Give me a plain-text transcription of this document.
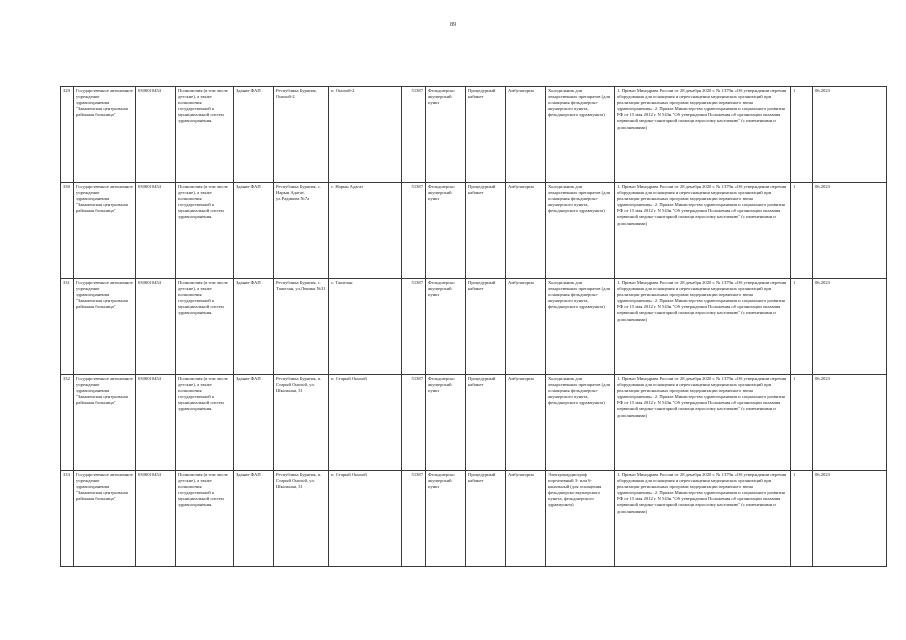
89
329	Государственное автономное учреждение здравоохранения "Закаменская центральная районная больница"	0306010454	Полномочия (в том числе детские), а также полномочия государственной к муниципальной систем здравоохранения.	Здание ФАП	Республика Бурятия, Онохой-2	п. Онохой-2	51387	Фельдшерско акушерский пункт	Процедурный кабинет	Амбулаторно	Холодильник для лекарственных препаратов (для оснащения фельдшерско-акушерского пункта, фельдшерского здравпункта)	1. Приказ Минздрава России от 28 декабря 2020 г. № 1379н «Об утверждении перечня оборудования для оснащения и переоснащения медицинских организаций при реализации региональных программ модернизации первичного звена здравоохранения». 2. Приказ Министерства здравоохранения и социального развития РФ от 15 мая 2012 г. N 543н "Об утверждении Положения об организации оказания первичной медико-санитарной помощи взрослому населению" (с изменениями и дополнениями)	1	06.2023
330	Государственное автономное учреждение здравоохранения "Закаменская центральная районная больница"	0306010454	Полномочия (в том числе детские), а также полномочия государственной к муниципальной систем здравоохранения.	Здание ФАП	Республика Бурятия, с. Нарын Адагат, ул.Радикова №7а	с. Нарын Адагат	51387	Фельдшерско акушерский пункт	Процедурный кабинет	Амбулаторно	Холодильник для лекарственных препаратов (для оснащения фельдшерско-акушерского пункта, фельдшерского здравпункта)	1. Приказ Минздрава России от 28 декабря 2020 г. № 1379н «Об утверждении перечня оборудования для оснащения и переоснащения медицинских организаций при реализации региональных программ модернизации первичного звена здравоохранения». 2. Приказ Министерства здравоохранения и социального развития РФ от 15 мая 2012 г. N 543н "Об утверждении Положения об организации оказания первичной медико-санитарной помощи взрослому населению" (с изменениями и дополнениями)	1	06.2023
331	Государственное автономное учреждение здравоохранения "Закаменская центральная районная больница"	0306010454	Полномочия (в том числе детские), а также полномочия государственной к муниципальной систем здравоохранения.	Здание ФАП	Республика Бурятия, с. Ташелан, ул.Ленина №31	с. Ташелан	51387	Фельдшерско акушерский пункт	Процедурный кабинет	Амбулаторно	Холодильник для лекарственных препаратов (для оснащения фельдшерско-акушерского пункта, фельдшерского здравпункта)	1. Приказ Минздрава России от 28 декабря 2020 г. № 1379н «Об утверждении перечня оборудования для оснащения и переоснащения медицинских организаций при реализации региональных программ модернизации первичного звена здравоохранения». 2. Приказ Министерства здравоохранения и социального развития РФ от 15 мая 2012 г. N 543н "Об утверждении Положения об организации оказания первичной медико-санитарной помощи взрослому населению" (с изменениями и дополнениями)	1	06.2023
332	Государственное автономное учреждение здравоохранения "Закаменская центральная районная больница"	0306010454	Полномочия (в том числе детские), а также полномочия государственной к муниципальной систем здравоохранения.	Здание ФАП	Республика Бурятия, п. Старый Онохой, ул. Школьная, 31	п. Старый Онохой	51387	Фельдшерско акушерский пункт	Процедурный кабинет	Амбулаторно	Холодильник для лекарственных препаратов (для оснащения фельдшерско-акушерского пункта, фельдшерского здравпункта)	1. Приказ Минздрава России от 28 декабря 2020 г. № 1379н «Об утверждении перечня оборудования для оснащения и переоснащения медицинских организаций при реализации региональных программ модернизации первичного звена здравоохранения». 2. Приказ Министерства здравоохранения и социального развития РФ от 15 мая 2012 г. N 543н "Об утверждении Положения об организации оказания первичной медико-санитарной помощи взрослому населению" (с изменениями и дополнениями)	1	06.2023
333	Государственное автономное учреждение здравоохранения "Закаменская центральная районная больница"	0306010454	Полномочия (в том числе детские), а также полномочия государственной к муниципальной систем здравоохранения.	Здание ФАП	Республика Бурятия, п. Старый Онохой, ул. Школьная, 31	п. Старый Онохой	51387	Фельдшерско акушерский пункт	Процедурный кабинет	Амбулаторно	Электрокардиограф портативный 3- или 6-канальный (для оснащения фельдшерско-акушерского пункта, фельдшерского здравпункта)	1. Приказ Минздрава России от 28 декабря 2020 г. № 1379н «Об утверждении перечня оборудования для оснащения и переоснащения медицинских организаций при реализации региональных программ модернизации первичного звена здравоохранения». 2. Приказ Министерства здравоохранения и социального развития РФ от 15 мая 2012 г. N 543н "Об утверждении Положения об организации оказания первичной медико-санитарной помощи взрослому населению" (с изменениями и дополнениями)	1	06.2023
